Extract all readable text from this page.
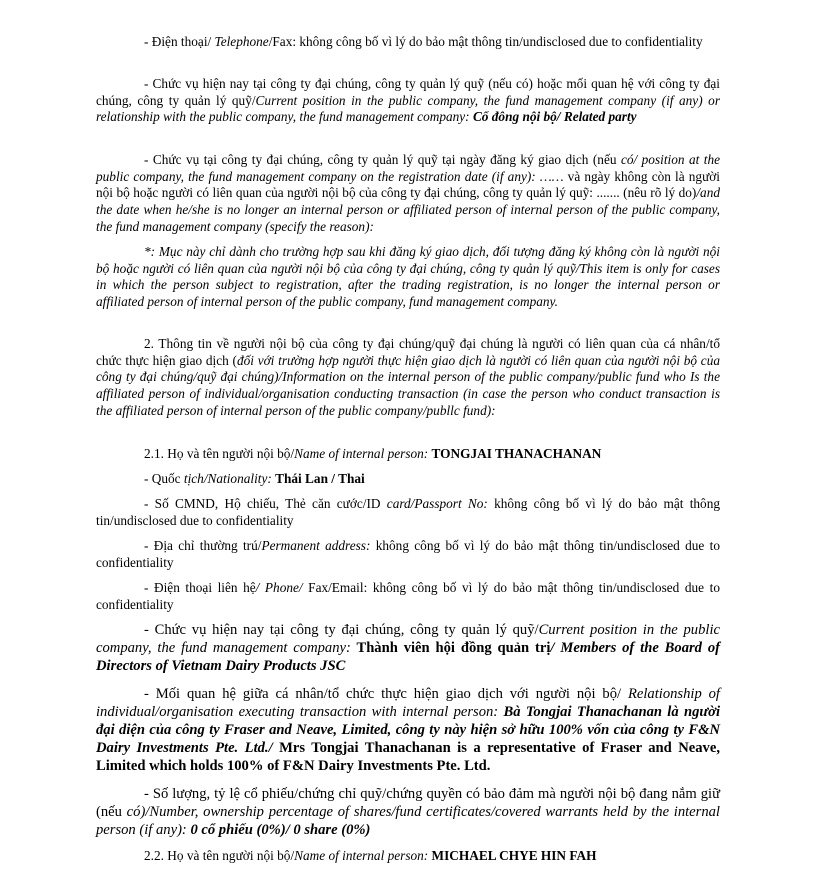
- Điện thoại/ Telephone/Fax: không công bố vì lý do bảo mật thông tin/undisclosed due to confidentiality

- Chức vụ hiện nay tại công ty đại chúng, công ty quản lý quỹ (nếu có) hoặc mối quan hệ với công ty đại chúng, công ty quản lý quỹ/Current position in the public company, the fund management company (if any) or relationship with the public company, the fund management company: Cổ đông nội bộ/ Related party

- Chức vụ tại công ty đại chúng, công ty quản lý quỹ tại ngày đăng ký giao dịch (nếu có/ position at the public company, the fund management company on the registration date (if any): …… và ngày không còn là người nội bộ hoặc người có liên quan của người nội bộ của công ty đại chúng, công ty quản lý quỹ: ....... (nêu rõ lý do)/and the date when he/she is no longer an internal person or affiliated person of internal person of the public company, the fund management company (specify the reason):

*: Mục này chỉ dành cho trường hợp sau khi đăng ký giao dịch, đối tượng đăng ký không còn là người nội bộ hoặc người có liên quan của người nội bộ của công ty đại chúng, công ty quản lý quỹ/This item is only for cases in which the person subject to registration, after the trading registration, is no longer the internal person or affiliated person of internal person of the public company, fund management company.

2. Thông tin về người nội bộ của công ty đại chúng/quỹ đại chúng là người có liên quan của cá nhân/tổ chức thực hiện giao dịch (đối với trường hợp người thực hiện giao dịch là người có liên quan của người nội bộ của công ty đại chúng/quỹ đại chúng)/Information on the internal person of the public company/public fund who Is the affiliated person of individual/organisation conducting transaction (in case the person who conduct transaction is the affiliated person of internal person of the public company/publlc fund):

2.1. Họ và tên người nội bộ/Name of internal person: TONGJAI THANACHANAN

- Quốc tịch/Nationality: Thái Lan / Thai

- Số CMND, Hộ chiếu, Thẻ căn cước/ID card/Passport No: không công bố vì lý do bảo mật thông tin/undisclosed due to confidentiality

- Địa chỉ thường trú/Permanent address: không công bố vì lý do bảo mật thông tin/undisclosed due to confidentiality

- Điện thoại liên hệ/ Phone/ Fax/Email: không công bố vì lý do bảo mật thông tin/undisclosed due to confidentiality

- Chức vụ hiện nay tại công ty đại chúng, công ty quản lý quỹ/Current position in the public company, the fund management company: Thành viên hội đồng quản trị/ Members of the Board of Directors of Vietnam Dairy Products JSC

- Mối quan hệ giữa cá nhân/tổ chức thực hiện giao dịch với người nội bộ/ Relationship of individual/organisation executing transaction with internal person: Bà Tongjai Thanachanan là người đại diện của công ty Fraser and Neave, Limited, công ty này hiện sở hữu 100% vốn của công ty F&N Dairy Investments Pte. Ltd./ Mrs Tongjai Thanachanan is a representative of Fraser and Neave, Limited which holds 100% of F&N Dairy Investments Pte. Ltd.

- Số lượng, tỷ lệ cổ phiếu/chứng chỉ quỹ/chứng quyền có bảo đảm mà người nội bộ đang nắm giữ (nếu có)/Number, ownership percentage of shares/fund certificates/covered warrants held by the internal person (if any): 0 cổ phiếu (0%)/ 0 share (0%)

2.2. Họ và tên người nội bộ/Name of internal person: MICHAEL CHYE HIN FAH
